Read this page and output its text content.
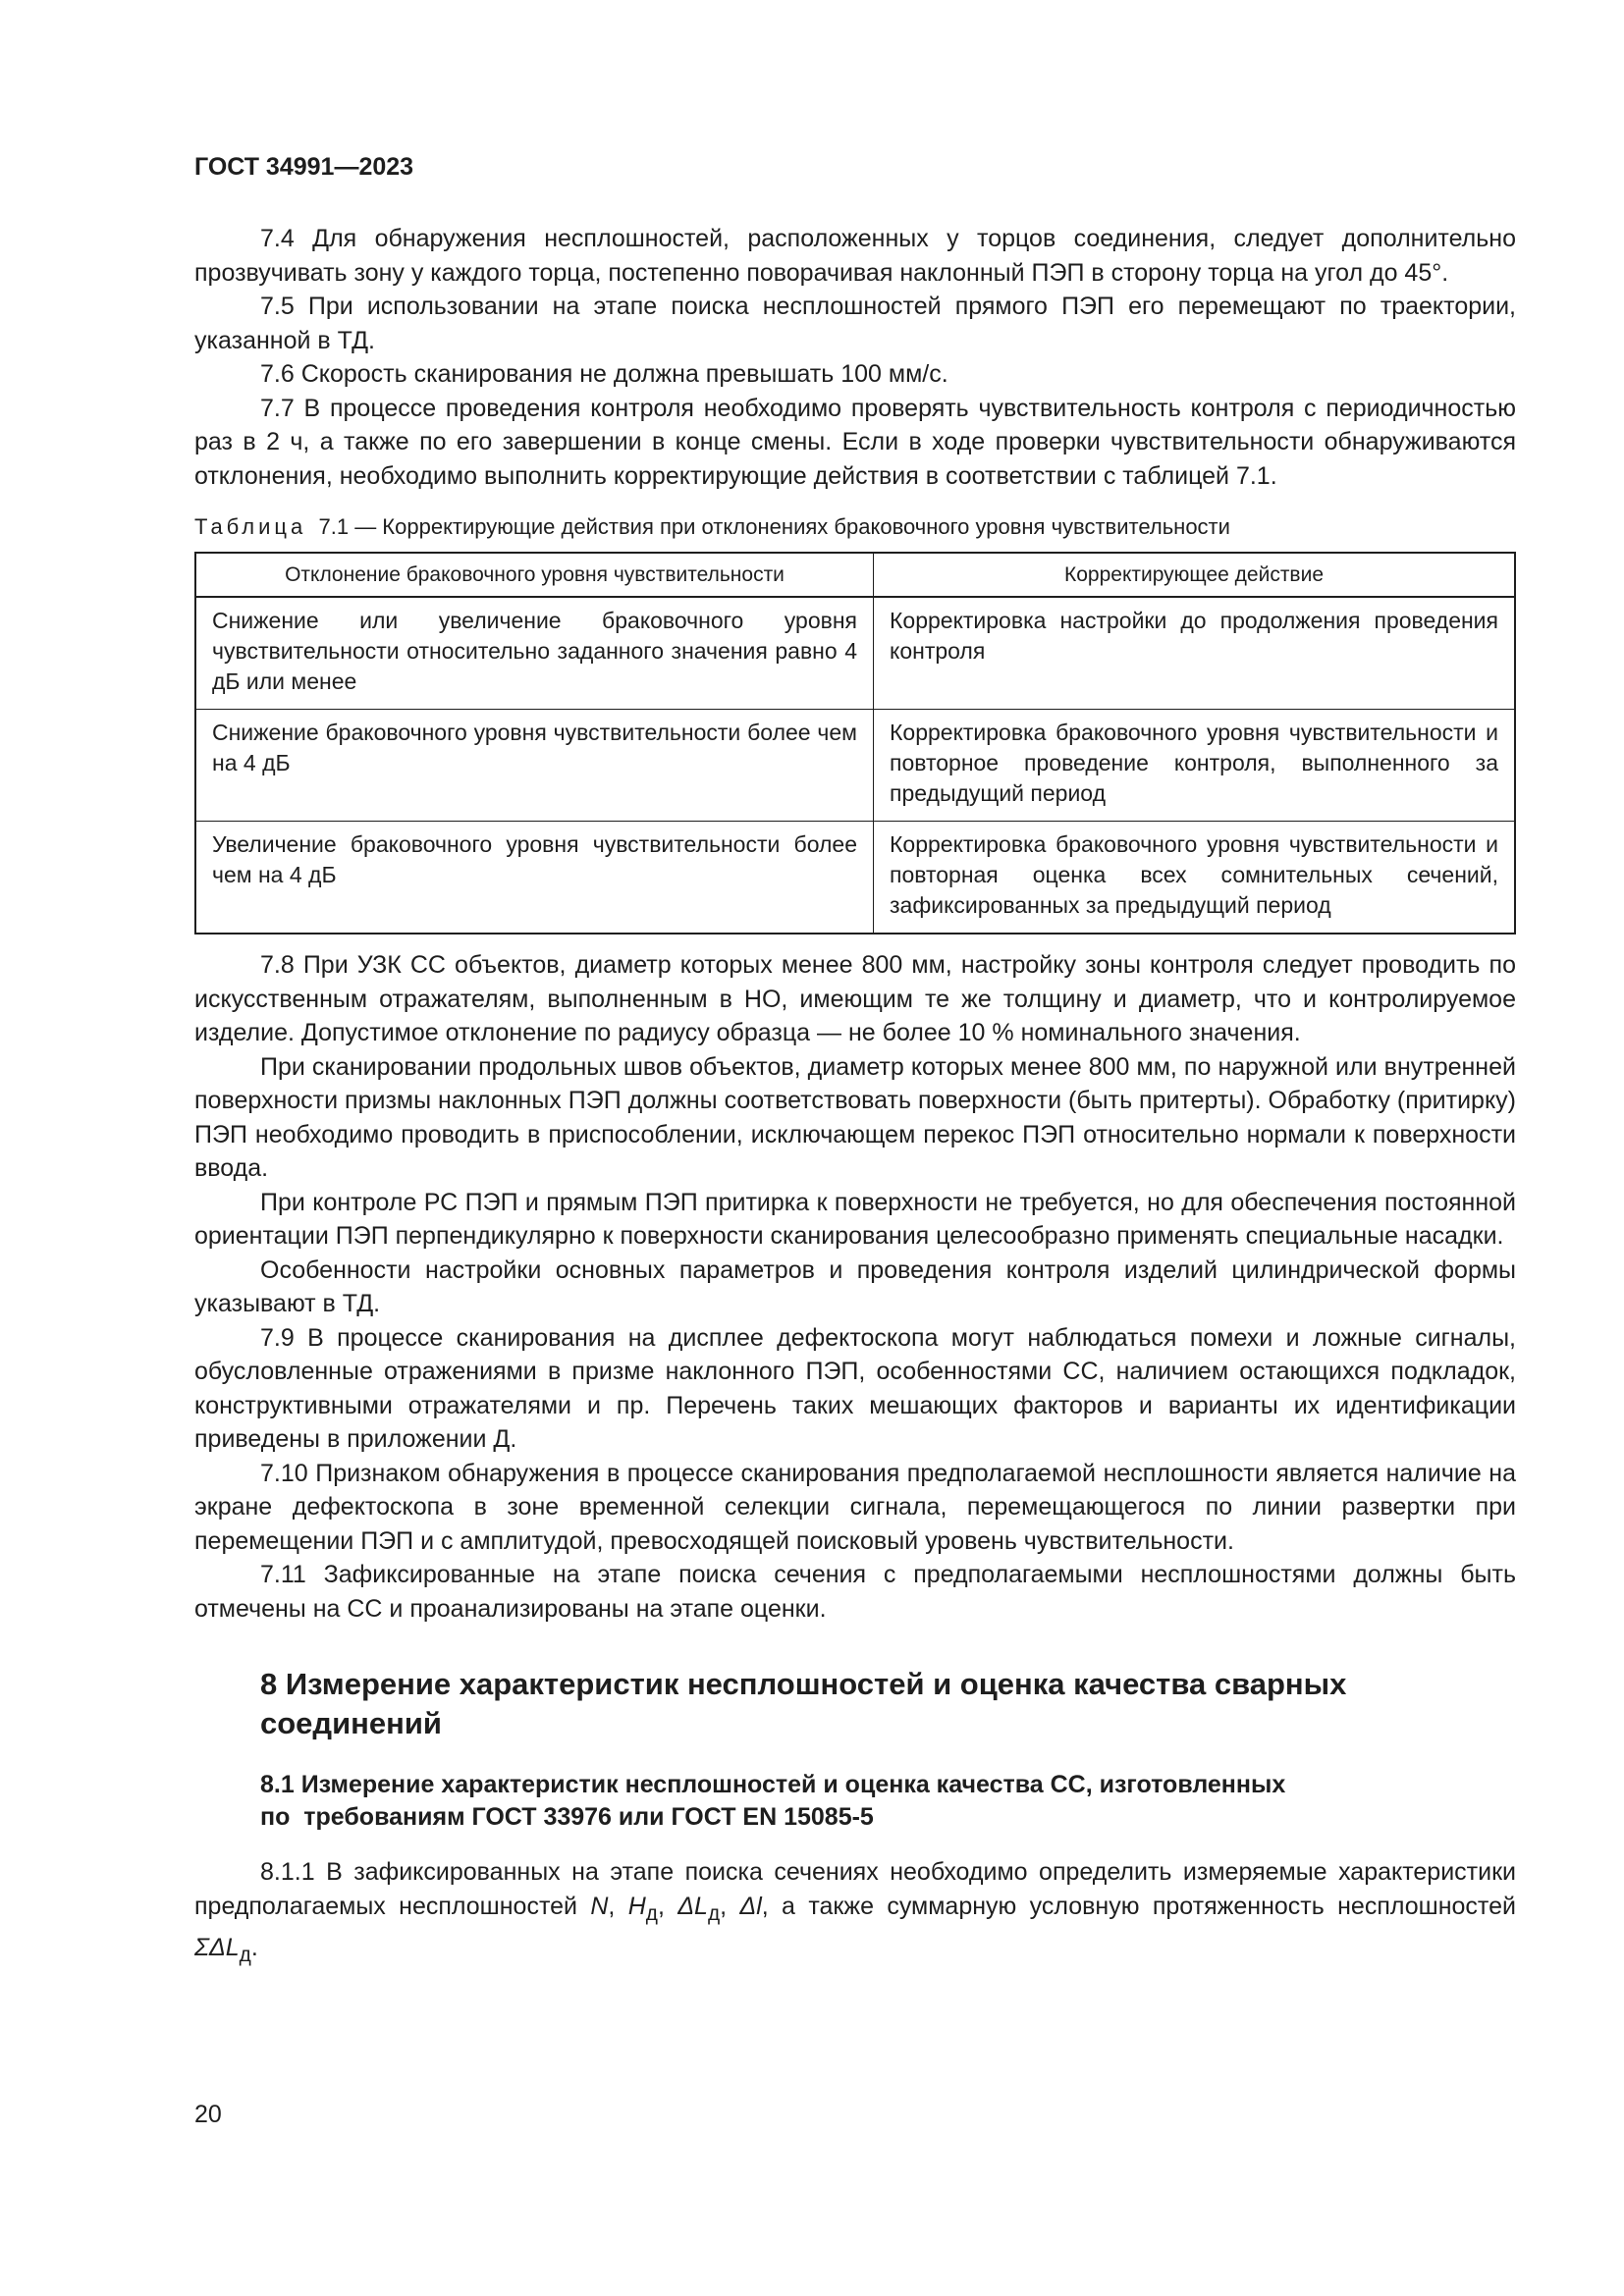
ГОСТ 34991—2023

7.4 Для обнаружения несплошностей, расположенных у торцов соединения, следует дополнительно прозвучивать зону у каждого торца, постепенно поворачивая наклонный ПЭП в сторону торца на угол до 45°.

7.5 При использовании на этапе поиска несплошностей прямого ПЭП его перемещают по траектории, указанной в ТД.

7.6 Скорость сканирования не должна превышать 100 мм/с.

7.7 В процессе проведения контроля необходимо проверять чувствительность контроля с периодичностью раз в 2 ч, а также по его завершении в конце смены. Если в ходе проверки чувствительности обнаруживаются отклонения, необходимо выполнить корректирующие действия в соответствии с таблицей 7.1.

Таблица 7.1 — Корректирующие действия при отклонениях браковочного уровня чувствительности
Отклонение браковочного уровня чувствительности	Корректирующее действие
Снижение или увеличение браковочного уровня чувствительности относительно заданного значения равно 4 дБ или менее	Корректировка настройки до продолжения проведения контроля
Снижение браковочного уровня чувствительности более чем на 4 дБ	Корректировка браковочного уровня чувствительности и повторное проведение контроля, выполненного за предыдущий период
Увеличение браковочного уровня чувствительности более чем на 4 дБ	Корректировка браковочного уровня чувствительности и повторная оценка всех сомнительных сечений, зафиксированных за предыдущий период

7.8 При УЗК СС объектов, диаметр которых менее 800 мм, настройку зоны контроля следует проводить по искусственным отражателям, выполненным в НО, имеющим те же толщину и диаметр, что и контролируемое изделие. Допустимое отклонение по радиусу образца — не более 10 % номинального значения.

При сканировании продольных швов объектов, диаметр которых менее 800 мм, по наружной или внутренней поверхности призмы наклонных ПЭП должны соответствовать поверхности (быть притерты). Обработку (притирку) ПЭП необходимо проводить в приспособлении, исключающем перекос ПЭП относительно нормали к поверхности ввода.

При контроле РС ПЭП и прямым ПЭП притирка к поверхности не требуется, но для обеспечения постоянной ориентации ПЭП перпендикулярно к поверхности сканирования целесообразно применять специальные насадки.

Особенности настройки основных параметров и проведения контроля изделий цилиндрической формы указывают в ТД.

7.9 В процессе сканирования на дисплее дефектоскопа могут наблюдаться помехи и ложные сигналы, обусловленные отражениями в призме наклонного ПЭП, особенностями СС, наличием остающихся подкладок, конструктивными отражателями и пр. Перечень таких мешающих факторов и варианты их идентификации приведены в приложении Д.

7.10 Признаком обнаружения в процессе сканирования предполагаемой несплошности является наличие на экране дефектоскопа в зоне временной селекции сигнала, перемещающегося по линии развертки при перемещении ПЭП и с амплитудой, превосходящей поисковый уровень чувствительности.

7.11 Зафиксированные на этапе поиска сечения с предполагаемыми несплошностями должны быть отмечены на СС и проанализированы на этапе оценки.

8 Измерение характеристик несплошностей и оценка качества сварных соединений
8.1 Измерение характеристик несплошностей и оценка качества СС, изготовленных
по  требованиям ГОСТ 33976 или ГОСТ EN 15085-5

8.1.1 В зафиксированных на этапе поиска сечениях необходимо определить измеряемые характеристики предполагаемых несплошностей N, $H_д$, $\Delta L_д$, Δl, а также суммарную условную протяженность несплошностей $\Sigma\Delta L_д$.

20
